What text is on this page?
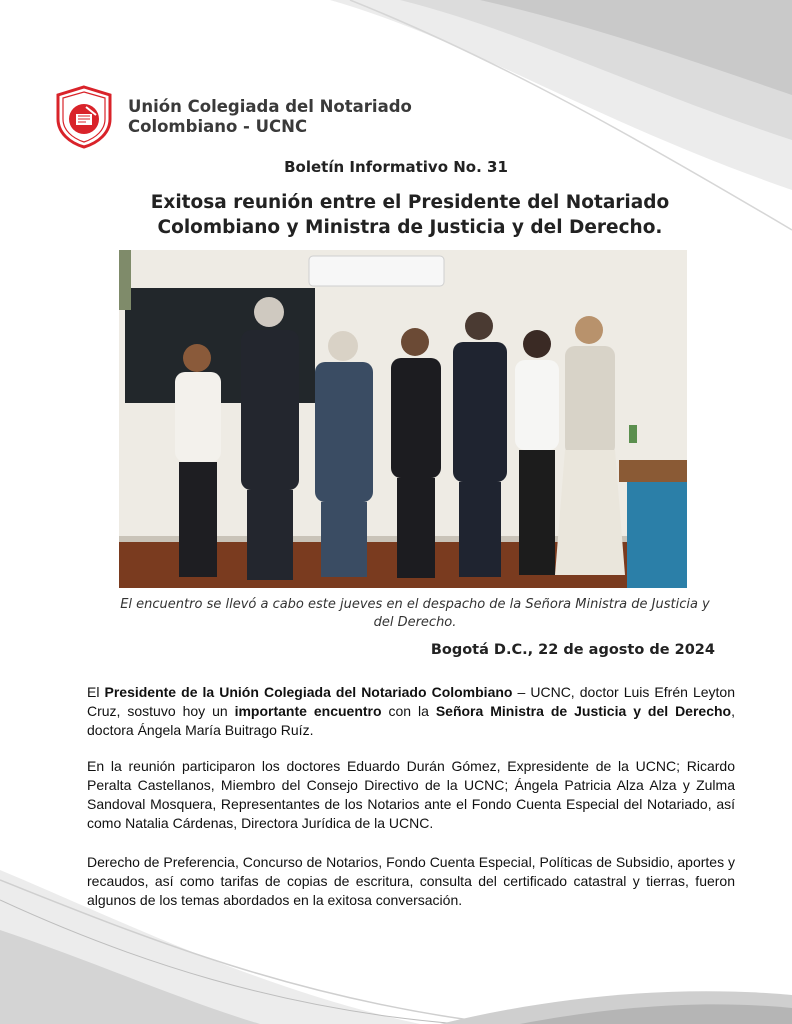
Unión Colegiada del Notariado
Colombiano - UCNC
Boletín Informativo No. 31
Exitosa reunión entre el Presidente del Notariado
Colombiano y Ministra de Justicia y del Derecho.
El encuentro se llevó a cabo este jueves en el despacho de la Señora Ministra de Justicia y
del Derecho.
Bogotá D.C., 22 de agosto de 2024
El Presidente de la Unión Colegiada del Notariado Colombiano – UCNC, doctor Luis Efrén Leyton Cruz, sostuvo hoy un importante encuentro con la Señora Ministra de Justicia y del Derecho, doctora Ángela María Buitrago Ruíz.
En la reunión participaron los doctores Eduardo Durán Gómez, Expresidente de la UCNC; Ricardo Peralta Castellanos, Miembro del Consejo Directivo de la UCNC; Ángela Patricia Alza Alza y Zulma Sandoval Mosquera, Representantes de los Notarios ante el Fondo Cuenta Especial del Notariado, así como Natalia Cárdenas, Directora Jurídica de la UCNC.
Derecho de Preferencia, Concurso de Notarios, Fondo Cuenta Especial, Políticas de Subsidio, aportes y recaudos, así como tarifas de copias de escritura, consulta del certificado catastral y tierras, fueron algunos de los temas abordados en la exitosa conversación.
